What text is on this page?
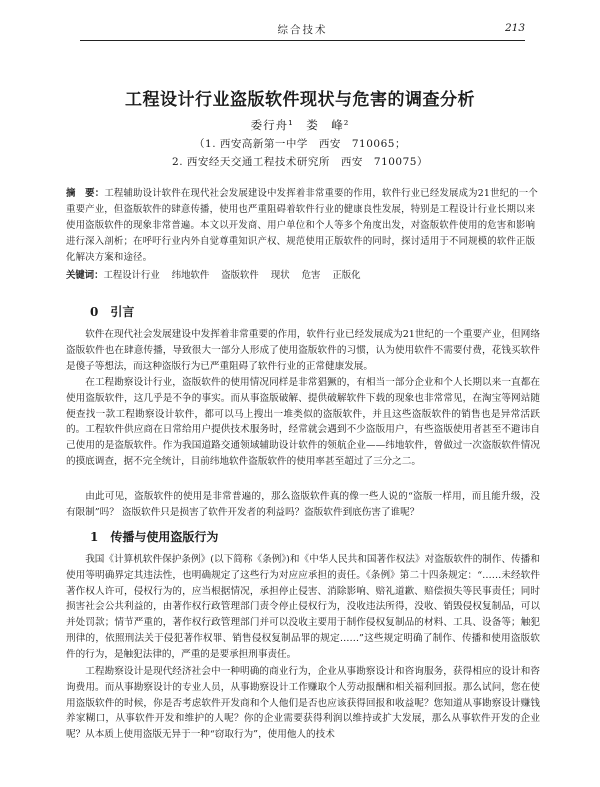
综合技术	213
工程设计行业盗版软件现状与危害的调查分析
委行舟¹　娄　峰²
（1. 西安高新第一中学　西安　710065；
2. 西安经天交通工程技术研究所　西安　710075）
摘　要：工程辅助设计软件在现代社会发展建设中发挥着非常重要的作用，软件行业已经发展成为21世纪的一个重要产业，但盗版软件的肆意传播，使用也严重阻碍着软件行业的健康良性发展，特别是工程设计行业长期以来使用盗版软件的现象非常普遍。本文以开发商、用户单位和个人等多个角度出发，对盗版软件使用的危害和影响进行深入剖析；在呼吁行业内外自觉尊重知识产权、规范使用正版软件的同时，探讨适用于不同规模的软件正版化解决方案和途径。
关键词：工程设计行业 纬地软件 盗版软件 现状 危害 正版化
0 引言
软件在现代社会发展建设中发挥着非常重要的作用，软件行业已经发展成为21世纪的一个重要产业，但网络盗版软件也在肆意传播，导致很大一部分人形成了使用盗版软件的习惯，认为使用软件不需要付费，花钱买软件是傻子等想法，而这种盗版行为已严重阻碍了软件行业的正常健康发展。
在工程勘察设计行业，盗版软件的使用情况同样是非常猖獗的，有相当一部分企业和个人长期以来一直都在使用盗版软件，这几乎是不争的事实。而从事盗版破解、提供破解软件下载的现象也非常常见，在淘宝等网站随便查找一款工程勘察设计软件，都可以马上搜出一堆类似的盗版软件，并且这些盗版软件的销售也是异常活跃的。工程软件供应商在日常给用户提供技术服务时，经常就会遇到不少盗版用户，有些盗版使用者甚至不避讳自己使用的是盗版软件。作为我国道路交通领域辅助设计软件的领航企业——纬地软件，曾做过一次盗版软件情况的摸底调查，据不完全统计，目前纬地软件盗版软件的使用率甚至超过了三分之二。
由此可见，盗版软件的使用是非常普遍的，那么盗版软件真的像一些人说的“盗版一样用，而且能升级，没有限制”吗？ 盗版软件只是损害了软件开发者的利益吗？盗版软件到底伤害了谁呢？
1 传播与使用盗版行为
我国《计算机软件保护条例》(以下简称《条例》)和《中华人民共和国著作权法》对盗版软件的制作、传播和使用等明确界定其违法性，也明确规定了这些行为对应应承担的责任。《条例》第二十四条规定：“……未经软件著作权人许可，侵权行为的，应当根据情况，承担停止侵害、消除影响、赔礼道歉、赔偿损失等民事责任；同时损害社会公共利益的，由著作权行政管理部门责令停止侵权行为，没收违法所得，没收、销毁侵权复制品，可以并处罚款；情节严重的，著作权行政管理部门并可以没收主要用于制作侵权复制品的材料、工具、设备等；触犯刑律的，依照刑法关于侵犯著作权罪、销售侵权复制品罪的规定……”这些规定明确了制作、传播和使用盗版软件的行为，是触犯法律的，严重的是要承担刑事责任。
工程勘察设计是现代经济社会中一种明确的商业行为，企业从事勘察设计和咨询服务，获得相应的设计和咨询费用。而从事勘察设计的专业人员，从事勘察设计工作赚取个人劳动报酬和相关福利回报。那么试问，您在使用盗版软件的时候，你是否考虑软件开发商和个人他们是否也应该获得回报和收益呢？您知道从事勘察设计赚钱养家糊口，从事软件开发和维护的人呢？你的企业需要获得利润以维持或扩大发展，那么从事软件开发的企业呢？从本质上使用盗版无异于一种“窃取行为”，使用他人的技术
